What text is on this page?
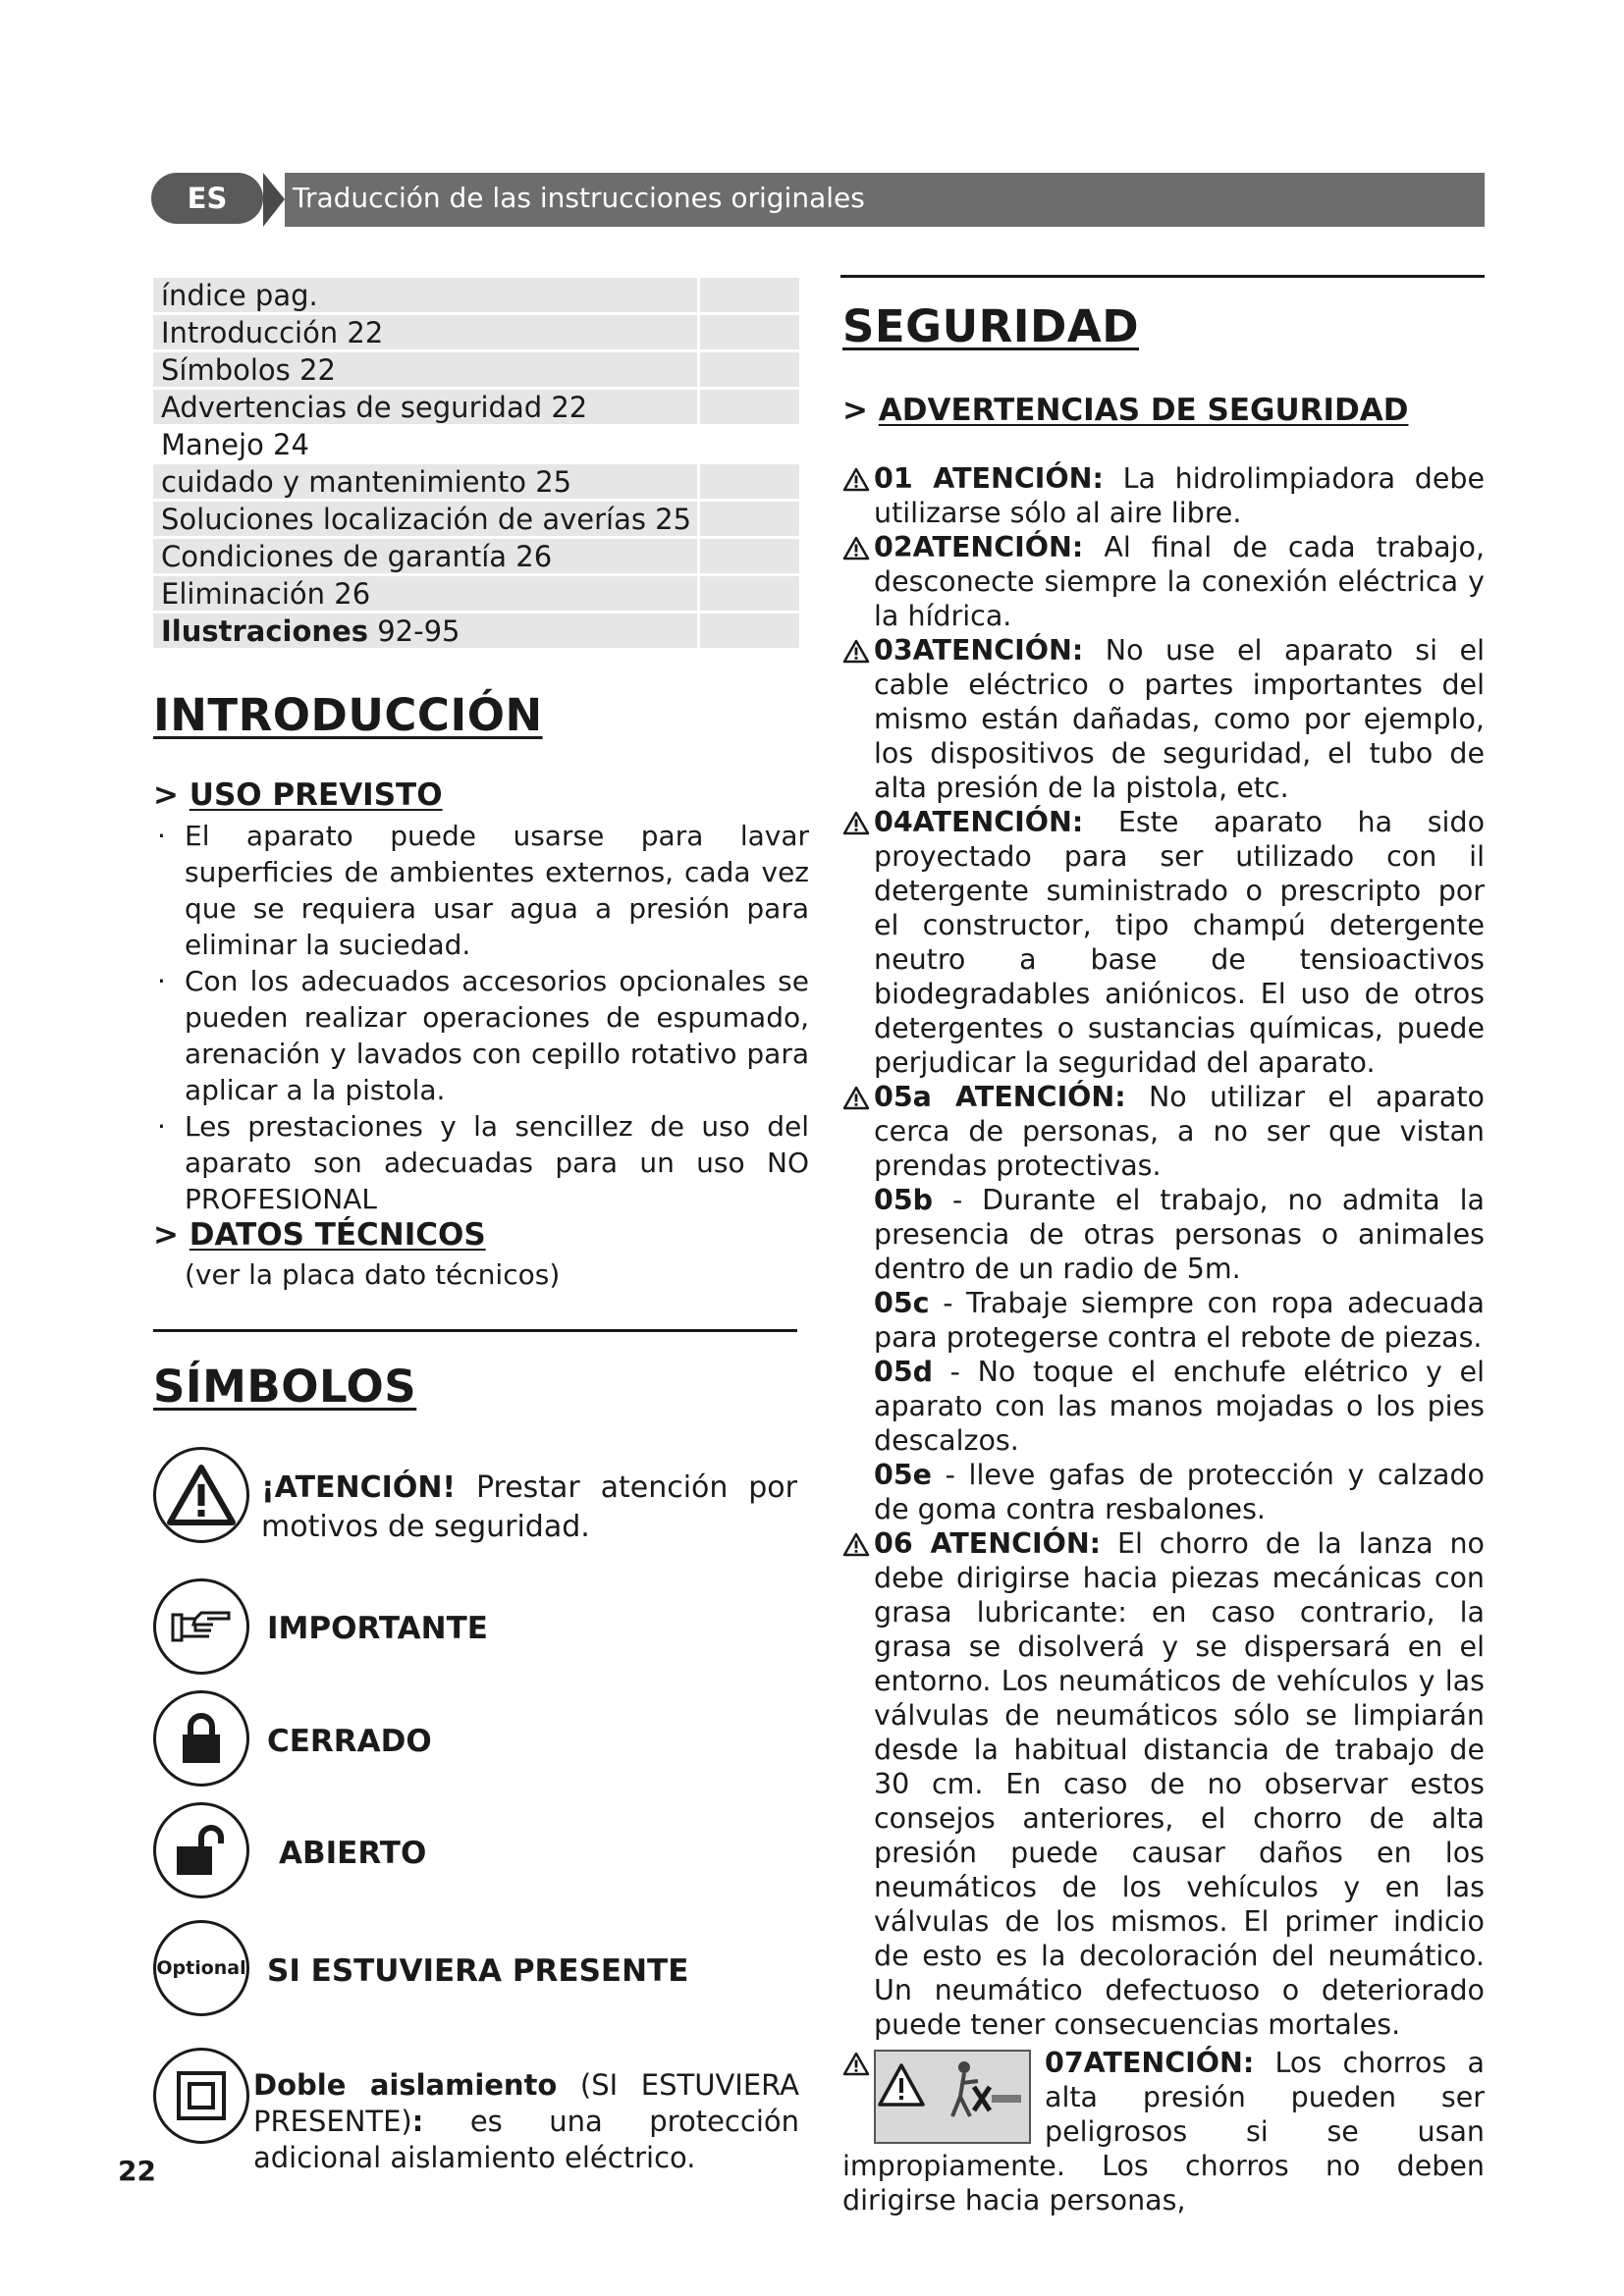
ES	Traducción de las instrucciones originales
índice pag.	
Introducción 22	
Símbolos 22	
Advertencias de seguridad 22	
Manejo 24	
cuidado y mantenimiento 25	
Soluciones localización de averías 25	
Condiciones de garantía 26	
Eliminación 26	
Ilustraciones 92-95	
INTRODUCCIÓN
> USO PREVISTO
· El aparato puede usarse para lavar superficies de ambientes externos, cada vez que se requiera usar agua a presión para eliminar la suciedad.
· Con los adecuados accesorios opcionales se pueden realizar operaciones de espumado, arenación y lavados con cepillo rotativo para aplicar a la pistola.
· Les prestaciones y la sencillez de uso del aparato son adecuadas para un uso NO PROFESIONAL
> DATOS TÉCNICOS
(ver la placa dato técnicos)
SÍMBOLOS
¡ATENCIÓN! Prestar atención por motivos de seguridad.
IMPORTANTE
CERRADO
ABIERTO
Optional SI ESTUVIERA PRESENTE
Doble aislamiento (SI ESTUVIERA PRESENTE): es una protección adicional aislamiento eléctrico.
22
SEGURIDAD
> ADVERTENCIAS DE SEGURIDAD

01 ATENCIÓN: La hidrolimpiadora debe utilizarse sólo al aire libre.

02ATENCIÓN: Al final de cada trabajo, desconecte siempre la conexión eléctrica y la hídrica.

03ATENCIÓN: No use el aparato si el cable eléctrico o partes importantes del mismo están dañadas, como por ejemplo, los dispositivos de seguridad, el tubo de alta presión de la pistola, etc.

04ATENCIÓN: Este aparato ha sido proyectado para ser utilizado con il detergente suministrado o prescripto por el constructor, tipo champú detergente neutro a base de tensioactivos biodegradables aniónicos. El uso de otros detergentes o sustancias químicas, puede perjudicar la seguridad del aparato.

05a ATENCIÓN: No utilizar el aparato cerca de personas, a no ser que vistan prendas protectivas.

05b - Durante el trabajo, no admita la presencia de otras personas o animales dentro de un radio de 5m.

05c - Trabaje siempre con ropa adecuada para protegerse contra el rebote de piezas.

05d - No toque el enchufe elétrico y el aparato con las manos mojadas o los pies descalzos.

05e - lleve gafas de protección y calzado de goma contra resbalones.

06 ATENCIÓN: El chorro de la lanza no debe dirigirse hacia piezas mecánicas con grasa lubricante: en caso contrario, la grasa se disolverá y se dispersará en el entorno. Los neumáticos de vehículos y las válvulas de neumáticos sólo se limpiarán desde la habitual distancia de trabajo de 30 cm. En caso de no observar estos consejos anteriores, el chorro de alta presión puede causar daños en los neumáticos de los vehículos y en las válvulas de los mismos. El primer indicio de esto es la decoloración del neumático. Un neumático defectuoso o deteriorado puede tener consecuencias mortales.

07ATENCIÓN: Los chorros a alta presión pueden ser peligrosos si se usan impropiamente. Los chorros no deben dirigirse hacia personas,
